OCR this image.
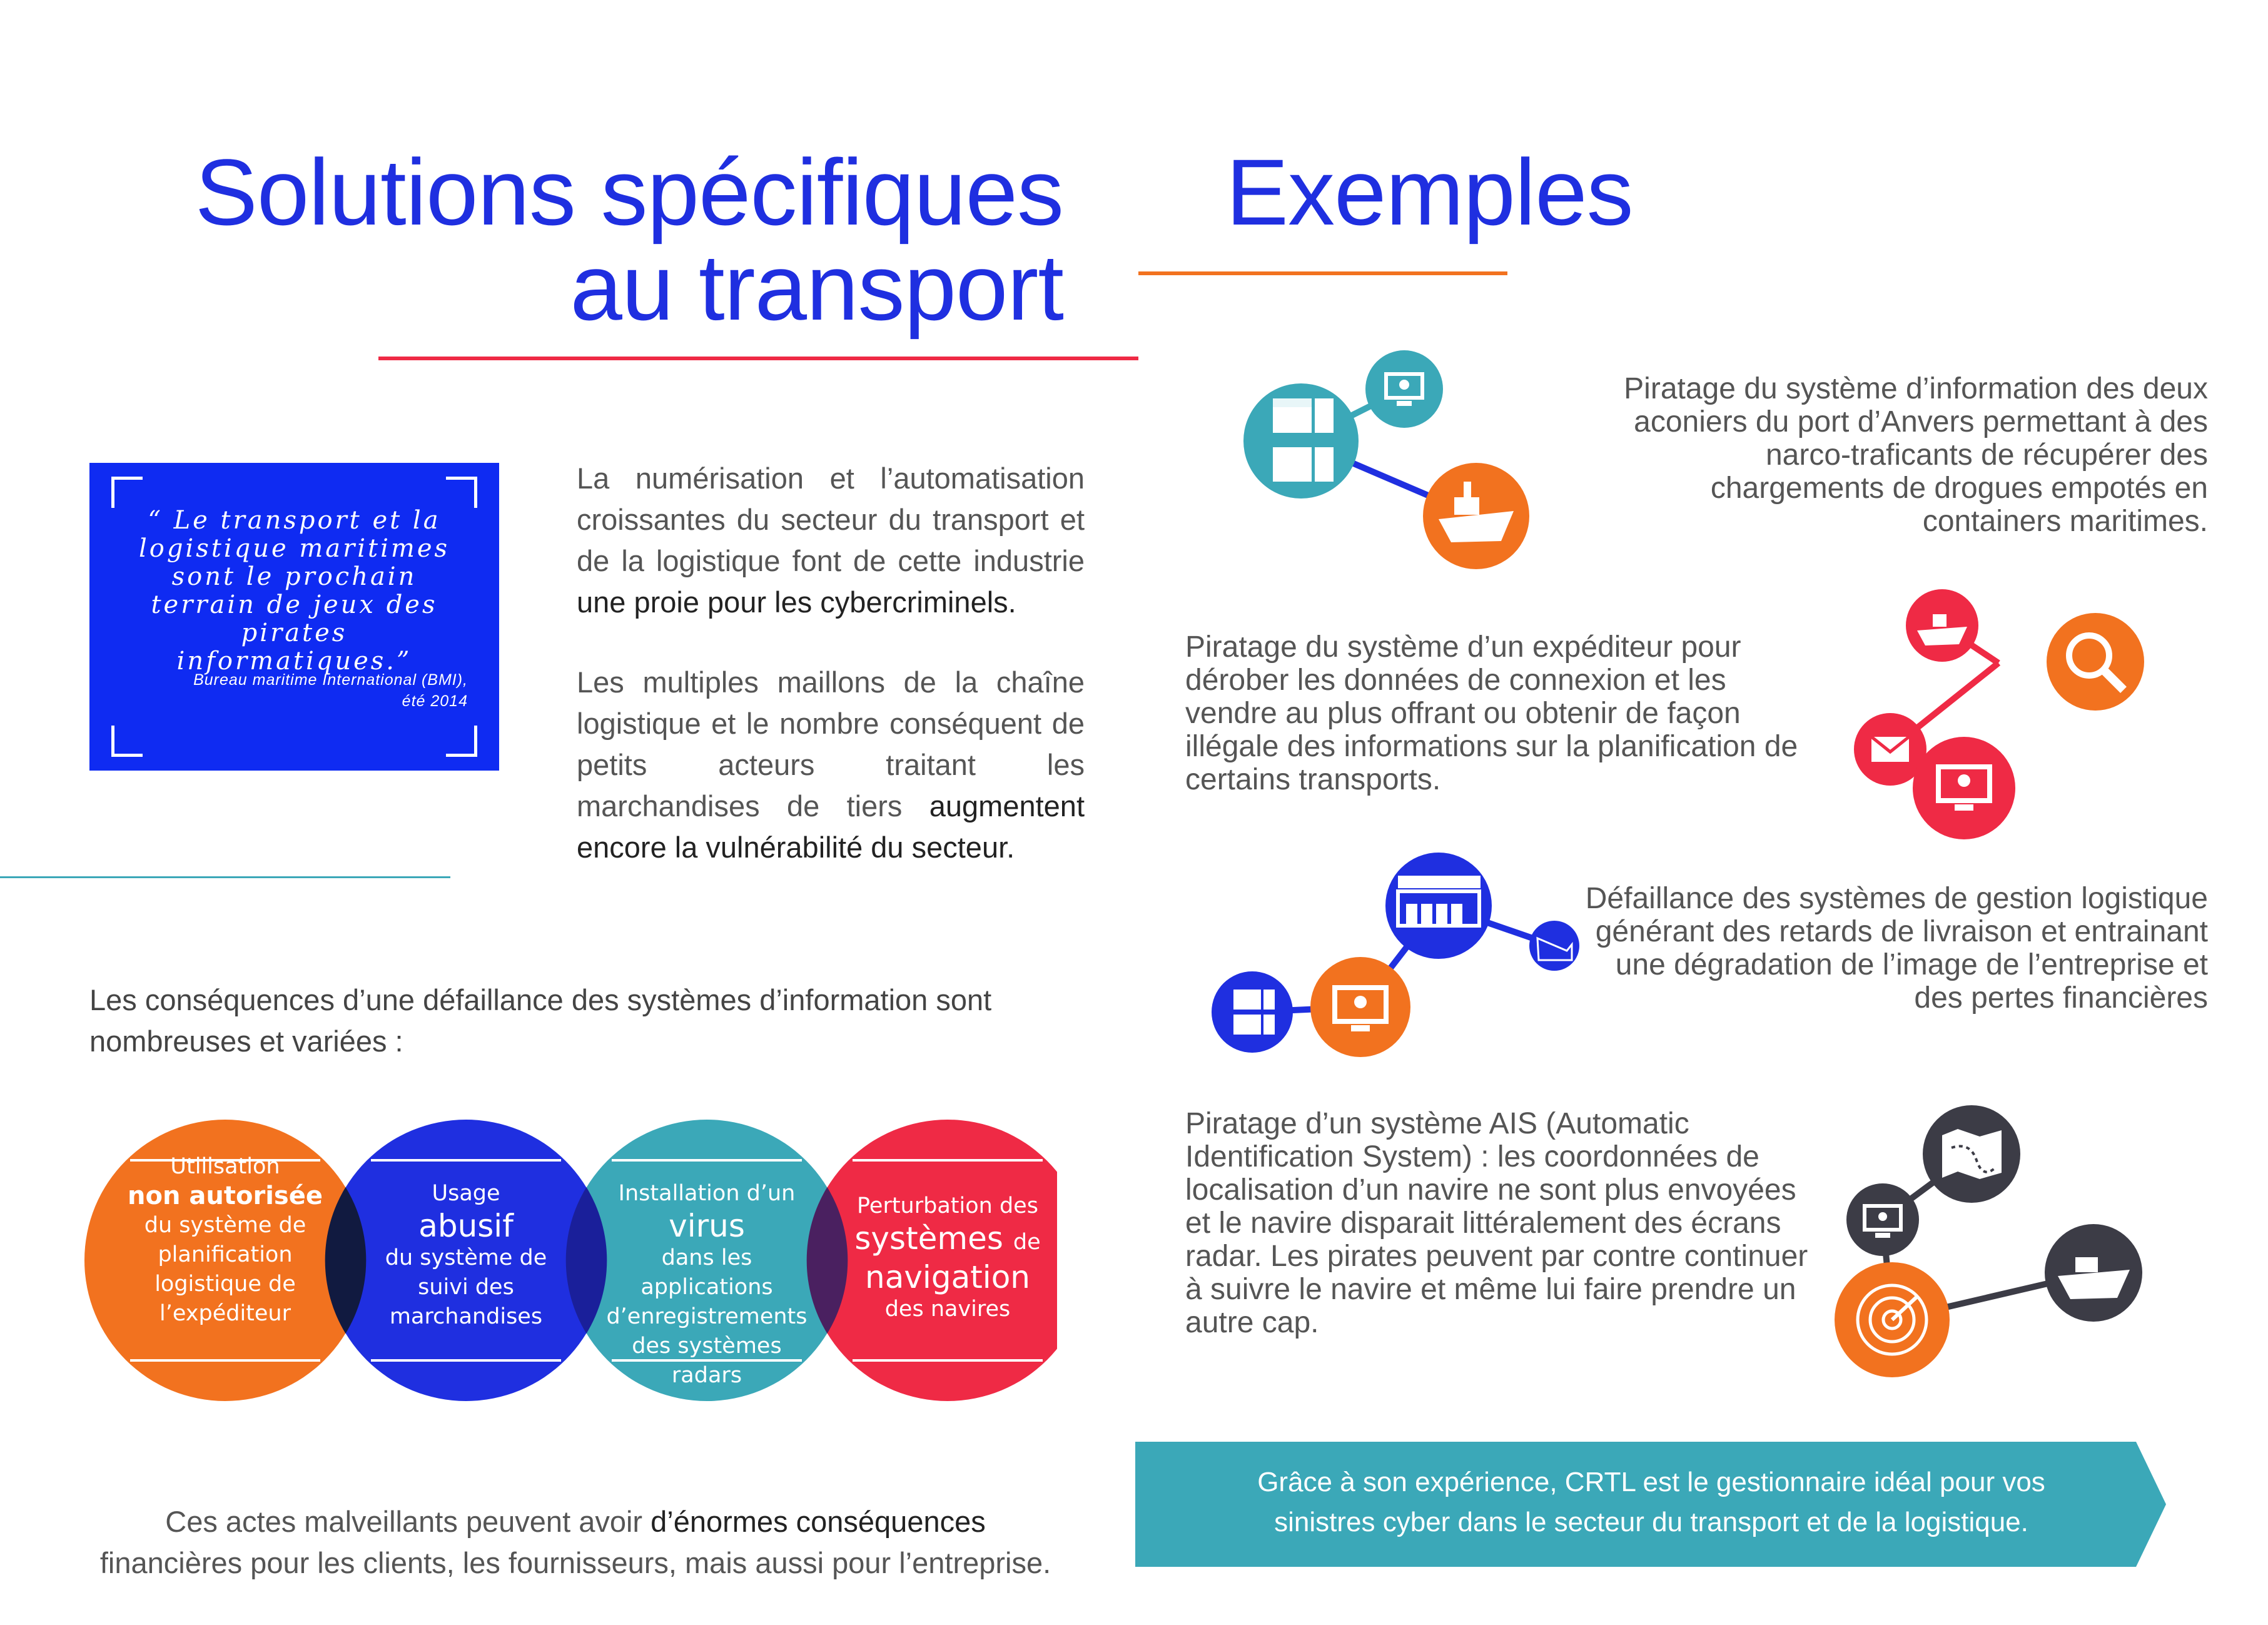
Solutions spécifiques
au transport
Exemples
“ Le transport et la logistique maritimes sont le prochain terrain de jeux des pirates informatiques.”
Bureau maritime International (BMI),
été 2014
La numérisation et l’automatisation croissantes du secteur du transport et de la logistique font de cette industrie une proie pour les cybercriminels.
Les multiples maillons de la chaîne logistique et le nombre conséquent de petits acteurs traitant les marchandises de tiers augmentent encore la vulnérabilité du secteur.
Les conséquences d’une défaillance des systèmes d’information sont nombreuses et variées :
Utilisation
non autorisée
du système de planification logistique de l’expéditeur
Usage
abusif
du système de suivi des marchandises
Installation d’un
virus
dans les applications d’enregistrements des systèmes radars
Perturbation des
systèmes de
navigation
des navires
Ces actes malveillants peuvent avoir d’énormes conséquences
financières pour les clients, les fournisseurs, mais aussi pour l’entreprise.
Piratage du système d’information des deux aconiers du port d’Anvers permettant à des narco-traficants de récupérer des chargements de drogues empotés en containers maritimes.
Piratage du système d’un expéditeur pour dérober les données de connexion et les vendre au plus offrant ou obtenir de façon illégale des informations sur la planification de certains transports.
Défaillance des systèmes de gestion logistique générant des retards de livraison et entrainant une dégradation de l’image de l’entreprise et des pertes financières
Piratage d’un système AIS (Automatic Identification System) : les coordonnées de localisation d’un navire ne sont plus envoyées et le navire disparait littéralement des écrans radar. Les pirates peuvent par contre continuer à suivre le navire et même lui faire prendre un autre cap.
Grâce à son expérience, CRTL est le gestionnaire idéal pour vos
sinistres cyber dans le secteur du transport et de la logistique.
